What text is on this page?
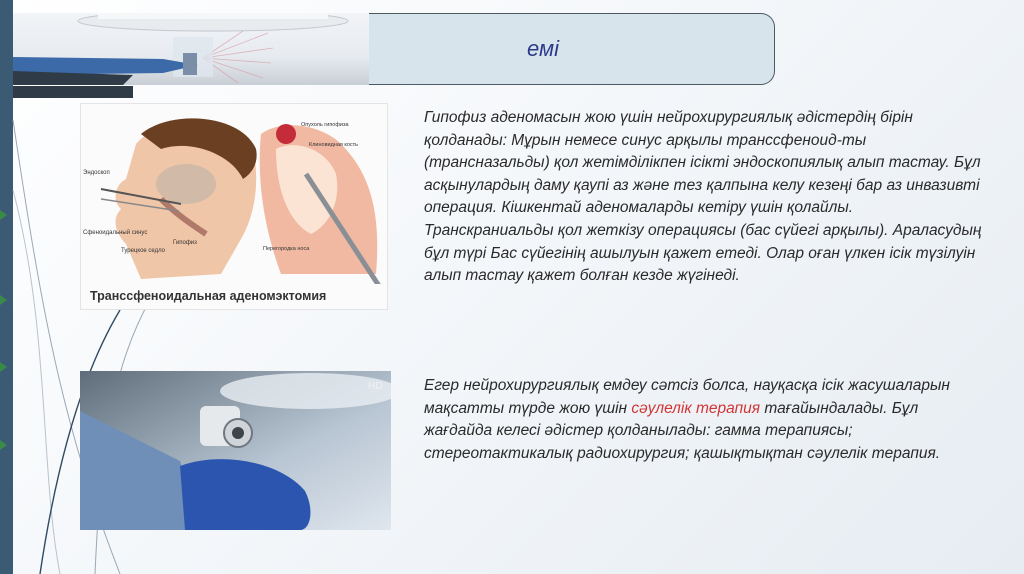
емі
Эндоскоп
Сфеноидальный синус
Турецкое седло
Гипофиз
Опухоль гипофиза
Клиновидная кость
Перегородка носа
Транссфеноидальная аденомэктомия
HD

Гипофиз аденомасын жою үшін нейрохирургиялық әдістердің бірін қолданады: Мұрын немесе синус арқылы транссфеноид-ты (трансназальды) қол жетімділікпен ісікті эндоскопиялық алып тастау. Бұл асқынулардың даму қаупі аз және тез қалпына келу кезеңі бар аз инвазивті операция. Кішкентай аденомаларды кетіру үшін қолайлы. Транскраниальды қол жеткізу операциясы (бас сүйегі арқылы). Араласудың бұл түрі Бас сүйегінің ашылуын қажет етеді. Олар оған үлкен ісік түзілуін алып тастау қажет болған кезде жүгінеді.

Егер нейрохирургиялық емдеу сәтсіз болса, науқасқа ісік жасушаларын мақсатты түрде жою үшін сәулелік терапия тағайындалады. Бұл жағдайда келесі әдістер қолданылады: гамма терапиясы; стереотактикалық радиохирургия; қашықтықтан сәулелік терапия.
